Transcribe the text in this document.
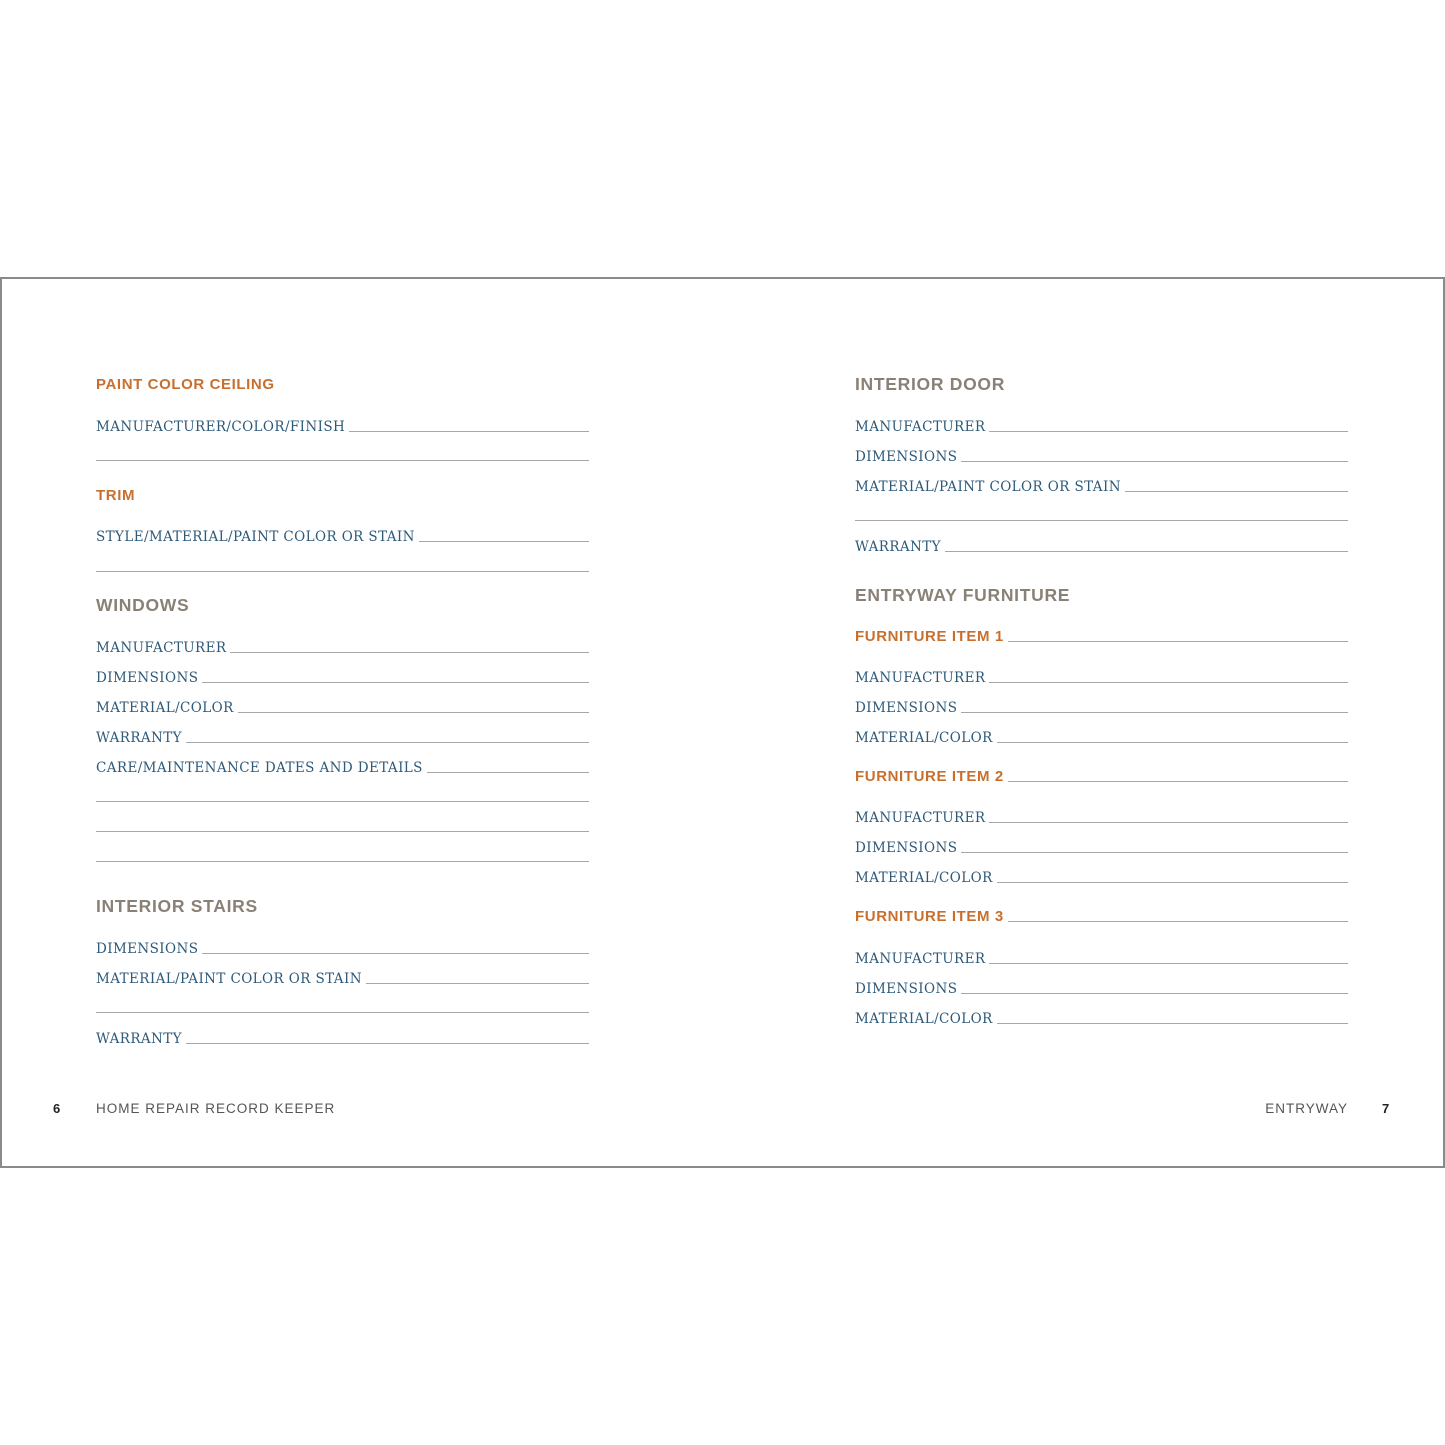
PAINT COLOR CEILING
MANUFACTURER/COLOR/FINISH
TRIM
STYLE/MATERIAL/PAINT COLOR OR STAIN
WINDOWS
MANUFACTURER
DIMENSIONS
MATERIAL/COLOR
WARRANTY
CARE/MAINTENANCE DATES AND DETAILS
INTERIOR STAIRS
DIMENSIONS
MATERIAL/PAINT COLOR OR STAIN
WARRANTY
INTERIOR DOOR
MANUFACTURER
DIMENSIONS
MATERIAL/PAINT COLOR OR STAIN
WARRANTY
ENTRYWAY FURNITURE
FURNITURE ITEM 1
MANUFACTURER
DIMENSIONS
MATERIAL/COLOR
FURNITURE ITEM 2
MANUFACTURER
DIMENSIONS
MATERIAL/COLOR
FURNITURE ITEM 3
MANUFACTURER
DIMENSIONS
MATERIAL/COLOR
6	HOME REPAIR RECORD KEEPER	ENTRYWAY	7
